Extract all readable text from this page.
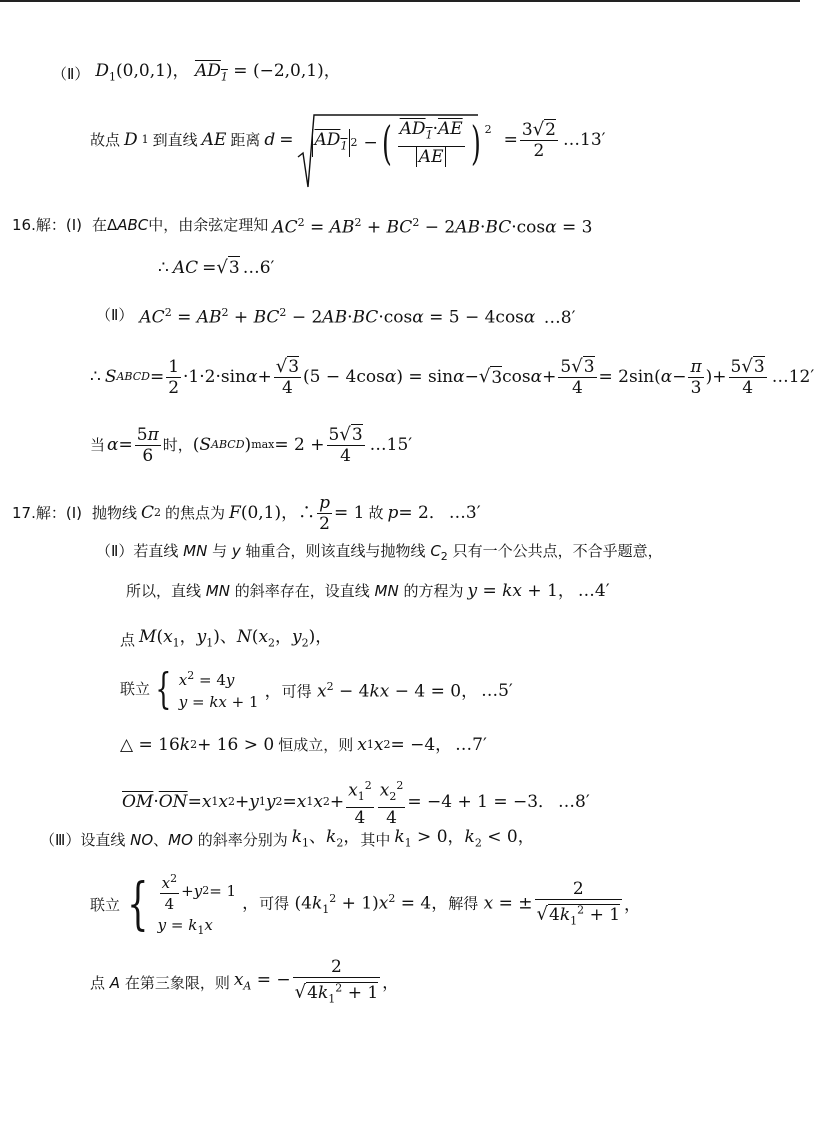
（Ⅱ） $D_1(0,0,1)$， $AD_1 = (-2,0,1)$，
故点 D 1 到直线 AE 距离 $d = AD_1$ 2 − ( $\frac{AD_1\cdot\overline{AE}}{AE}$ ) $^2$
= $\frac{3√2}{2}$ …13′
16.解：(Ⅰ) 在ΔABC中，由余弦定理知 $AC^2 = AB^2 + BC^2 - 2AB\cdot BC\cdot\cos\alpha = 3$
∴ AC = √ 3 …6′
（Ⅱ） $AC^2 = AB^2 + BC^2 - 2AB\cdot BC\cdot\cos\alpha = 5 - 4\cos\alpha$ …8′
∴ S ABCD = $\frac{1}{2} \cdot 1\cdot 2\cdot\sin$ $\alpha + \frac{√3}{4} (5 - 4\cos$ α ) = sin α − √ 3 $\cos \alpha + \frac{5√3}{4} = 2\sin$( $\alpha - \frac{\pi}{3}$ )+ $\frac{5√3}{4}$ …12′
当 $\alpha = \frac{5\pi}{6}$ 时， ( S ABCD ) $\max = 2 + \frac{5√3}{4}$ …15′
17.解：(Ⅰ) 抛物线 C 2 的焦点为 F (0,1)，∴ $\frac{p}{2} = 1$ 故 p = 2． …3′
（Ⅱ）若直线 MN 与 y 轴重合，则该直线与抛物线 $C_2$ 只有一个公共点，不合乎题意，
所以，直线 MN 的斜率存在，设直线 MN 的方程为 y = kx + 1， …4′
点 $M(x_1$，$y_1$)、$N(x_2$，$y_2$)，
联立 { $x^2 = 4y$
y = kx + 1
，可得 $x^2 - 4kx - 4 = 0$， …5′
△ = 16 k 2 + 16 > 0 恒成立，则 x 1 x 2 = −4， …7′
$\overline{OM} \cdot \overline{ON} = x$ 1 x 2 + y 1 y 2 = x 1 x $2 + \frac{x_1^2}{4} \frac{x_2^2}{4} = -4 + 1 = -3$． …8′
（Ⅲ）设直线 NO、MO 的斜率分别为 $k_1$、$k_2$， 其中 $k_1 > 0$，$k_2 < 0$，
联立 { $\frac{x^2}{4} + y$ 2 = 1
$y = k_1x$
，可得 $(4k_1^2 + 1)x^2 = 4$，解得 x = ± $\frac{2}{√4k_1^2 + 1}$ ，
点 A 在第三象限，则 $x_A$ = − $\frac{2}{√4k_1^2 + 1}$ ，
